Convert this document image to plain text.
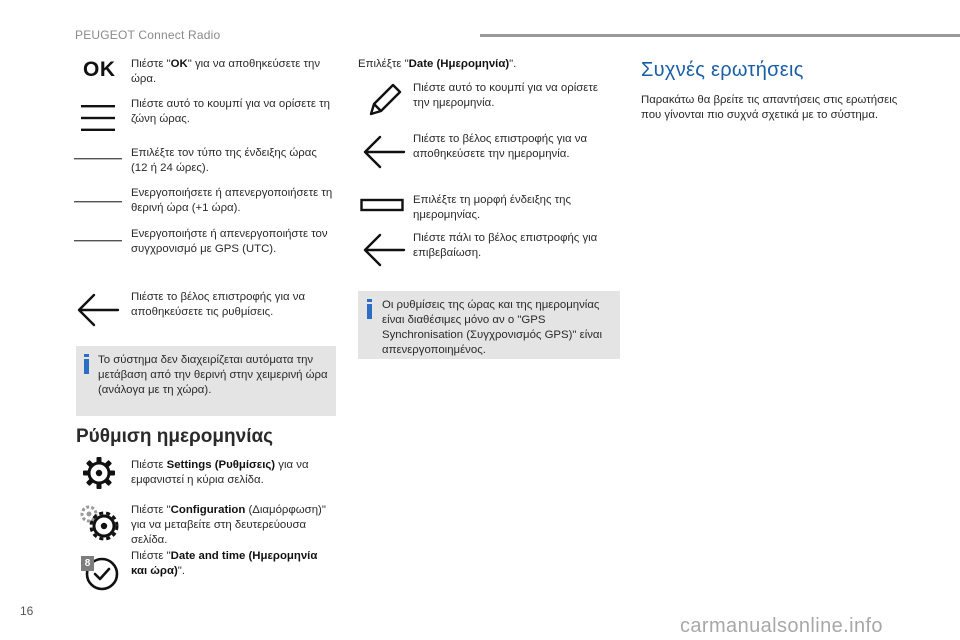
PEUGEOT Connect Radio
OK Πιέστε "OK" για να αποθηκεύσετε την ώρα.
Πιέστε αυτό το κουμπί για να ορίσετε τη ζώνη ώρας.
Επιλέξτε τον τύπο της ένδειξης ώρας (12 ή 24 ώρες).
Ενεργοποιήσετε ή απενεργοποιήσετε τη θερινή ώρα (+1 ώρα).
Ενεργοποιήστε ή απενεργοποιήστε τον συγχρονισμό με GPS (UTC).
Πιέστε το βέλος επιστροφής για να αποθηκεύσετε τις ρυθμίσεις.
Το σύστημα δεν διαχειρίζεται αυτόματα την μετάβαση από την θερινή στην χειμερινή ώρα (ανάλογα με τη χώρα).
Ρύθμιση ημερομηνίας
Πιέστε Settings (Ρυθμίσεις) για να εμφανιστεί η κύρια σελίδα.
Πιέστε "Configuration (Διαμόρφωση)" για να μεταβείτε στη δευτερεύουσα σελίδα.
8
Πιέστε "Date and time (Ημερομηνία και ώρα)".
Επιλέξτε "Date (Ημερομηνία)".
Πιέστε αυτό το κουμπί για να ορίσετε την ημερομηνία.
Πιέστε το βέλος επιστροφής για να αποθηκεύσετε την ημερομηνία.
Επιλέξτε τη μορφή ένδειξης της ημερομηνίας.
Πιέστε πάλι το βέλος επιστροφής για επιβεβαίωση.
Οι ρυθμίσεις της ώρας και της ημερομηνίας είναι διαθέσιμες μόνο αν ο "GPS Synchronisation (Συγχρονισμός GPS)" είναι απενεργοποιημένος.
Συχνές ερωτήσεις
Παρακάτω θα βρείτε τις απαντήσεις στις ερωτήσεις που γίνονται πιο συχνά σχετικά με το σύστημα.
16
carmanualsonline.info
